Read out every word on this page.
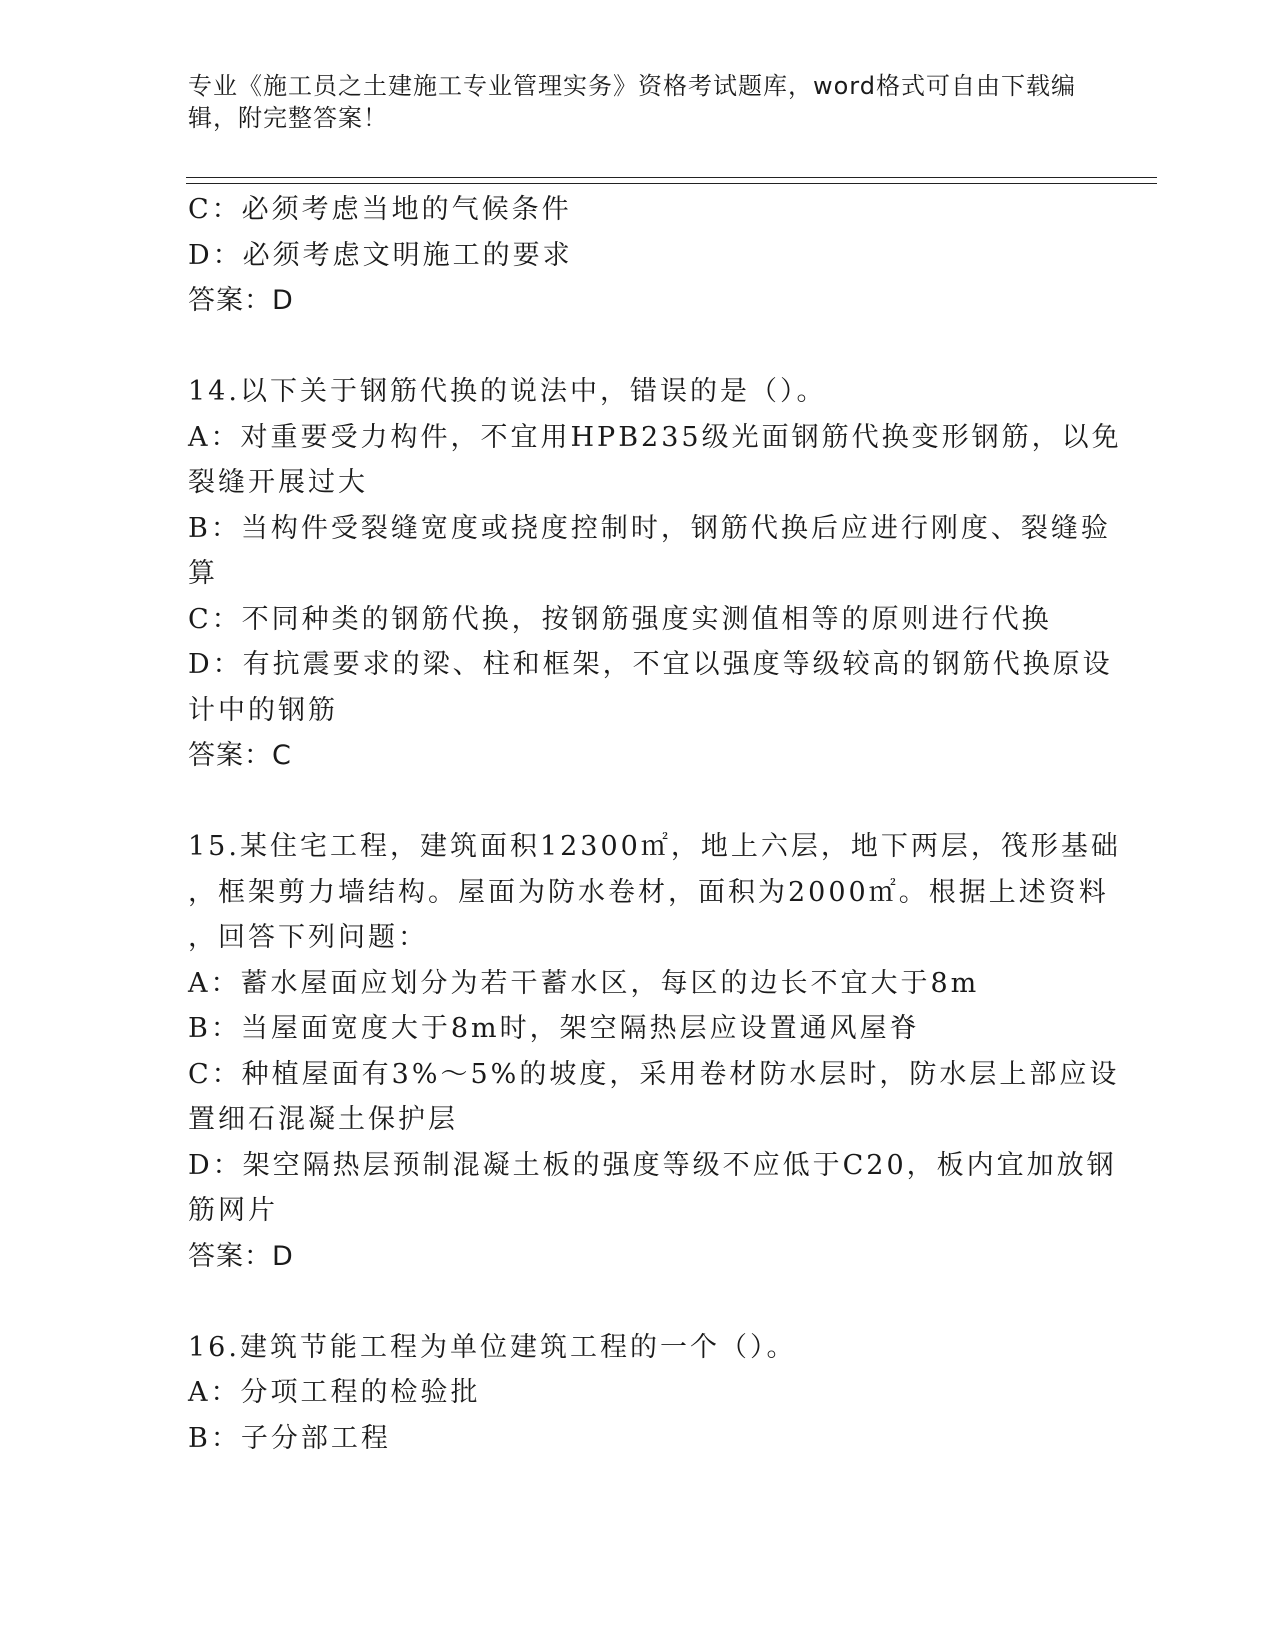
专业《施工员之土建施工专业管理实务》资格考试题库，word格式可自由下载编
辑，附完整答案！
C：必须考虑当地的气候条件
D：必须考虑文明施工的要求
答案：D
14.以下关于钢筋代换的说法中，错误的是（）。
A：对重要受力构件，不宜用HPB235级光面钢筋代换变形钢筋，以免
裂缝开展过大
B：当构件受裂缝宽度或挠度控制时，钢筋代换后应进行刚度、裂缝验
算
C：不同种类的钢筋代换，按钢筋强度实测值相等的原则进行代换
D：有抗震要求的梁、柱和框架，不宜以强度等级较高的钢筋代换原设
计中的钢筋
答案：C
15.某住宅工程，建筑面积12300㎡，地上六层，地下两层，筏形基础
，框架剪力墙结构。屋面为防水卷材，面积为2000㎡。根据上述资料
，回答下列问题：
A：蓄水屋面应划分为若干蓄水区，每区的边长不宜大于8m
B：当屋面宽度大于8m时，架空隔热层应设置通风屋脊
C：种植屋面有3%～5%的坡度，采用卷材防水层时，防水层上部应设
置细石混凝土保护层
D：架空隔热层预制混凝土板的强度等级不应低于C20，板内宜加放钢
筋网片
答案：D
16.建筑节能工程为单位建筑工程的一个（）。
A：分项工程的检验批
B：子分部工程
